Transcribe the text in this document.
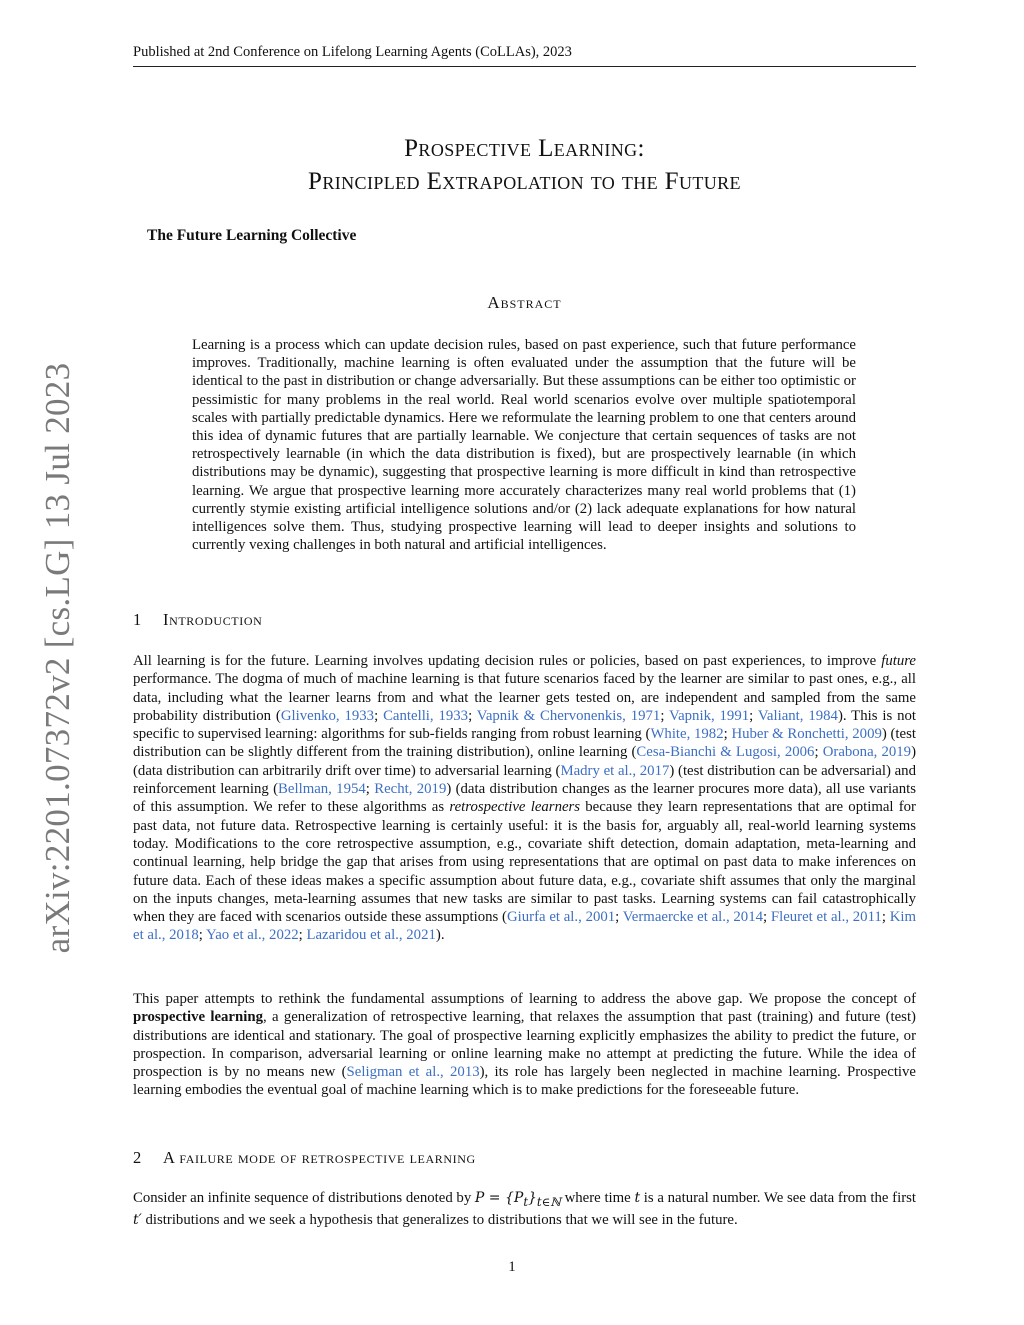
Published at 2nd Conference on Lifelong Learning Agents (CoLLAs), 2023
arXiv:2201.07372v2 [cs.LG] 13 Jul 2023
Prospective Learning:
Principled Extrapolation to the Future
The Future Learning Collective
Abstract
Learning is a process which can update decision rules, based on past experience, such that future performance improves. Traditionally, machine learning is often evaluated under the assumption that the future will be identical to the past in distribution or change adversarially. But these assumptions can be either too optimistic or pessimistic for many problems in the real world. Real world scenarios evolve over multiple spatiotemporal scales with partially predictable dynamics. Here we reformulate the learning problem to one that centers around this idea of dynamic futures that are partially learnable. We conjecture that certain sequences of tasks are not retrospectively learnable (in which the data distribution is fixed), but are prospectively learnable (in which distributions may be dynamic), suggesting that prospective learning is more difficult in kind than retrospective learning. We argue that prospective learning more accurately characterizes many real world problems that (1) currently stymie existing artificial intelligence solutions and/or (2) lack adequate explanations for how natural intelligences solve them. Thus, studying prospective learning will lead to deeper insights and solutions to currently vexing challenges in both natural and artificial intelligences.
1 Introduction

All learning is for the future. Learning involves updating decision rules or policies, based on past experiences, to improve future performance. The dogma of much of machine learning is that future scenarios faced by the learner are similar to past ones, e.g., all data, including what the learner learns from and what the learner gets tested on, are independent and sampled from the same probability distribution (Glivenko, 1933; Cantelli, 1933; Vapnik & Chervonenkis, 1971; Vapnik, 1991; Valiant, 1984). This is not specific to supervised learning: algorithms for sub-fields ranging from robust learning (White, 1982; Huber & Ronchetti, 2009) (test distribution can be slightly different from the training distribution), online learning (Cesa-Bianchi & Lugosi, 2006; Orabona, 2019) (data distribution can arbitrarily drift over time) to adversarial learning (Madry et al., 2017) (test distribution can be adversarial) and reinforcement learning (Bellman, 1954; Recht, 2019) (data distribution changes as the learner procures more data), all use variants of this assumption. We refer to these algorithms as retrospective learners because they learn representations that are optimal for past data, not future data. Retrospective learning is certainly useful: it is the basis for, arguably all, real-world learning systems today. Modifications to the core retrospective assumption, e.g., covariate shift detection, domain adaptation, meta-learning and continual learning, help bridge the gap that arises from using representations that are optimal on past data to make inferences on future data. Each of these ideas makes a specific assumption about future data, e.g., covariate shift assumes that only the marginal on the inputs changes, meta-learning assumes that new tasks are similar to past tasks. Learning systems can fail catastrophically when they are faced with scenarios outside these assumptions (Giurfa et al., 2001; Vermaercke et al., 2014; Fleuret et al., 2011; Kim et al., 2018; Yao et al., 2022; Lazaridou et al., 2021).

This paper attempts to rethink the fundamental assumptions of learning to address the above gap. We propose the concept of prospective learning, a generalization of retrospective learning, that relaxes the assumption that past (training) and future (test) distributions are identical and stationary. The goal of prospective learning explicitly emphasizes the ability to predict the future, or prospection. In comparison, adversarial learning or online learning make no attempt at predicting the future. While the idea of prospection is by no means new (Seligman et al., 2013), its role has largely been neglected in machine learning. Prospective learning embodies the eventual goal of machine learning which is to make predictions for the foreseeable future.

2 A failure mode of retrospective learning

Consider an infinite sequence of distributions denoted by $P = \{P_t\}_{t\in ℕ}$ where time t is a natural number. We see data from the first t′ distributions and we seek a hypothesis that generalizes to distributions that we will see in the future.

1
